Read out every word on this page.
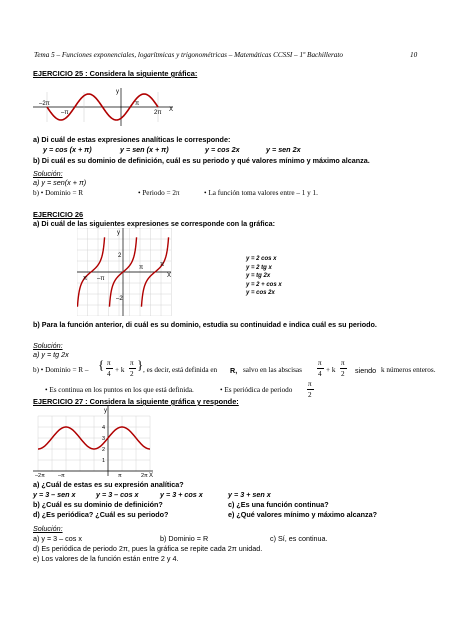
Tema 5 – Funciones exponenciales, logarítmicas y trigonométricas – Matemáticas CCSSI – 1º Bachillerato	10
EJERCICIO 25 : Considera la siguiente gráfica:
y
X
–2π
–π
π
2π
a) Di cuál de estas expresiones analíticas le corresponde:
y = cos (x + π)	y = sen (x + π)	y = cos 2x	y = sen 2x
b) Di cuál es su dominio de definición, cuál es su periodo y qué valores mínimo y máximo alcanza.
Solución:
a) y = sen(x + π)
b) • Dominio = R	• Periodo = 2π	• La función toma valores entre – 1 y 1.
EJERCICIO 26
a) Di cuál de las siguientes expresiones se corresponde con la gráfica:
y
X
2
–2
π
–π
π
π
y = 2 cos x
y = 2 tg x
y = tg 2x
y = 2 + cos x
y = cos 2x
b) Para la función anterior, di cuál es su dominio, estudia su continuidad e indica cuál es su periodo.
Solución:
a) y = tg 2x
b) • Dominio = R – { π
4 + k
π
2
} , es decir, está definida en R, salvo en las abscisas
π
4 + k
π
2 siendo k números enteros.
• Es continua en los puntos en los que está definida.	• Es periódica de periodo
π
2
EJERCICIO 27 : Considera la siguiente gráfica y responde:
y
X
4
3
2
1
–2π –π	π	2π
a) ¿Cuál de estas es su expresión analítica?
y = 3 – sen x	y = 3 – cos x	y = 3 + cos x	y = 3 + sen x
b) ¿Cuál es su dominio de definición?	c) ¿Es una función continua?
d) ¿Es periódica? ¿Cuál es su periodo?	e) ¿Qué valores mínimo y máximo alcanza?
Solución:
a) y = 3 – cos x	b) Dominio = R	c) Sí, es continua.
d) Es periódica de periodo 2π, pues la gráfica se repite cada 2π unidad.
e) Los valores de la función están entre 2 y 4.
